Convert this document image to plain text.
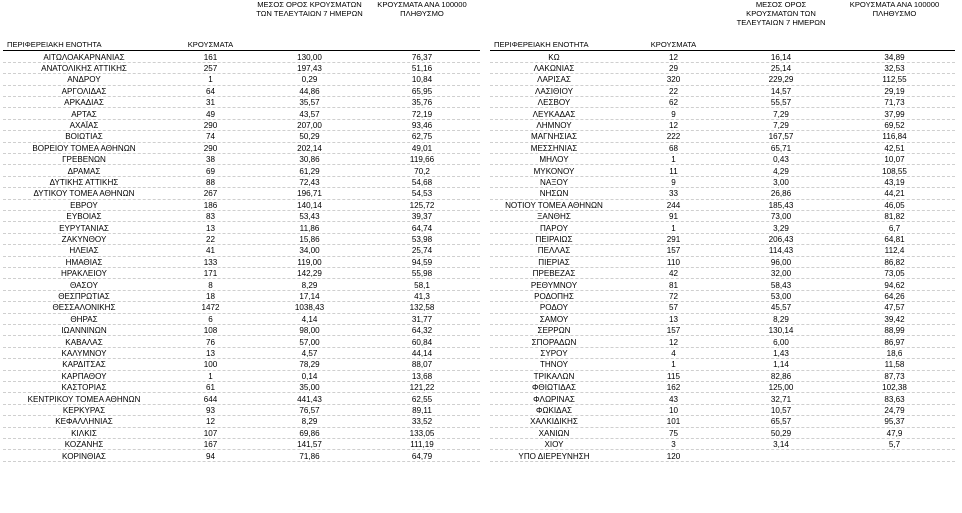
ΠΕΡΙΦΕΡΕΙΑΚΗ ΕΝΟΤΗΤΑ	ΚΡΟΥΣΜΑΤΑ
ΜΕΣΟΣ ΟΡΟΣ ΚΡΟΥΣΜΑΤΩΝ ΤΩΝ ΤΕΛΕΥΤΑΙΩΝ 7 ΗΜΕΡΩΝ
ΚΡΟΥΣΜΑΤΑ ΑΝΑ 100000 ΠΛΗΘΥΣΜΟ
ΠΕΡΙΦΕΡΕΙΑΚΗ ΕΝΟΤΗΤΑ	ΚΡΟΥΣΜΑΤΑ
ΜΕΣΟΣ ΟΡΟΣ ΚΡΟΥΣΜΑΤΩΝ ΤΩΝ ΤΕΛΕΥΤΑΙΩΝ 7 ΗΜΕΡΩΝ
ΚΡΟΥΣΜΑΤΑ ΑΝΑ 100000 ΠΛΗΘΥΣΜΟ
ΑΙΤΩΛΟΑΚΑΡΝΑΝΙΑΣ	161	130,00	76,37
ΑΝΑΤΟΛΙΚΗΣ ΑΤΤΙΚΗΣ	257	197,43	51,16
ΑΝΔΡΟΥ	1	0,29	10,84
ΑΡΓΟΛΙΔΑΣ	64	44,86	65,95
ΑΡΚΑΔΙΑΣ	31	35,57	35,76
ΑΡΤΑΣ	49	43,57	72,19
ΑΧΑΪΑΣ	290	207,00	93,46
ΒΟΙΩΤΙΑΣ	74	50,29	62,75
ΒΟΡΕΙΟΥ ΤΟΜΕΑ ΑΘΗΝΩΝ	290	202,14	49,01
ΓΡΕΒΕΝΩΝ	38	30,86	119,66
ΔΡΑΜΑΣ	69	61,29	70,2
ΔΥΤΙΚΗΣ ΑΤΤΙΚΗΣ	88	72,43	54,68
ΔΥΤΙΚΟΥ ΤΟΜΕΑ ΑΘΗΝΩΝ	267	196,71	54,53
ΕΒΡΟΥ	186	140,14	125,72
ΕΥΒΟΙΑΣ	83	53,43	39,37
ΕΥΡΥΤΑΝΙΑΣ	13	11,86	64,74
ΖΑΚΥΝΘΟΥ	22	15,86	53,98
ΗΛΕΙΑΣ	41	34,00	25,74
ΗΜΑΘΙΑΣ	133	119,00	94,59
ΗΡΑΚΛΕΙΟΥ	171	142,29	55,98
ΘΑΣΟΥ	8	8,29	58,1
ΘΕΣΠΡΩΤΙΑΣ	18	17,14	41,3
ΘΕΣΣΑΛΟΝΙΚΗΣ	1472	1038,43	132,58
ΘΗΡΑΣ	6	4,14	31,77
ΙΩΑΝΝΙΝΩΝ	108	98,00	64,32
ΚΑΒΑΛΑΣ	76	57,00	60,84
ΚΑΛΥΜΝΟΥ	13	4,57	44,14
ΚΑΡΔΙΤΣΑΣ	100	78,29	88,07
ΚΑΡΠΑΘΟΥ	1	0,14	13,68
ΚΑΣΤΟΡΙΑΣ	61	35,00	121,22
ΚΕΝΤΡΙΚΟΥ ΤΟΜΕΑ ΑΘΗΝΩΝ	644	441,43	62,55
ΚΕΡΚΥΡΑΣ	93	76,57	89,11
ΚΕΦΑΛΛΗΝΙΑΣ	12	8,29	33,52
ΚΙΛΚΙΣ	107	69,86	133,05
ΚΟΖΑΝΗΣ	167	141,57	111,19
ΚΟΡΙΝΘΙΑΣ	94	71,86	64,79
ΚΩ	12	16,14	34,89
ΛΑΚΩΝΙΑΣ	29	25,14	32,53
ΛΑΡΙΣΑΣ	320	229,29	112,55
ΛΑΣΙΘΙΟΥ	22	14,57	29,19
ΛΕΣΒΟΥ	62	55,57	71,73
ΛΕΥΚΑΔΑΣ	9	7,29	37,99
ΛΗΜΝΟΥ	12	7,29	69,52
ΜΑΓΝΗΣΙΑΣ	222	167,57	116,84
ΜΕΣΣΗΝΙΑΣ	68	65,71	42,51
ΜΗΛΟΥ	1	0,43	10,07
ΜΥΚΟΝΟΥ	11	4,29	108,55
ΝΑΞΟΥ	9	3,00	43,19
ΝΗΣΩΝ	33	26,86	44,21
ΝΟΤΙΟΥ ΤΟΜΕΑ ΑΘΗΝΩΝ	244	185,43	46,05
ΞΑΝΘΗΣ	91	73,00	81,82
ΠΑΡΟΥ	1	3,29	6,7
ΠΕΙΡΑΙΩΣ	291	206,43	64,81
ΠΕΛΛΑΣ	157	114,43	112,4
ΠΙΕΡΙΑΣ	110	96,00	86,82
ΠΡΕΒΕΖΑΣ	42	32,00	73,05
ΡΕΘΥΜΝΟΥ	81	58,43	94,62
ΡΟΔΟΠΗΣ	72	53,00	64,26
ΡΟΔΟΥ	57	45,57	47,57
ΣΑΜΟΥ	13	8,29	39,42
ΣΕΡΡΩΝ	157	130,14	88,99
ΣΠΟΡΑΔΩΝ	12	6,00	86,97
ΣΥΡΟΥ	4	1,43	18,6
ΤΗΝΟΥ	1	1,14	11,58
ΤΡΙΚΑΛΩΝ	115	82,86	87,73
ΦΘΙΩΤΙΔΑΣ	162	125,00	102,38
ΦΛΩΡΙΝΑΣ	43	32,71	83,63
ΦΩΚΙΔΑΣ	10	10,57	24,79
ΧΑΛΚΙΔΙΚΗΣ	101	65,57	95,37
ΧΑΝΙΩΝ	75	50,29	47,9
ΧΙΟΥ	3	3,14	5,7
ΥΠΟ ΔΙΕΡΕΥΝΗΣΗ	120
